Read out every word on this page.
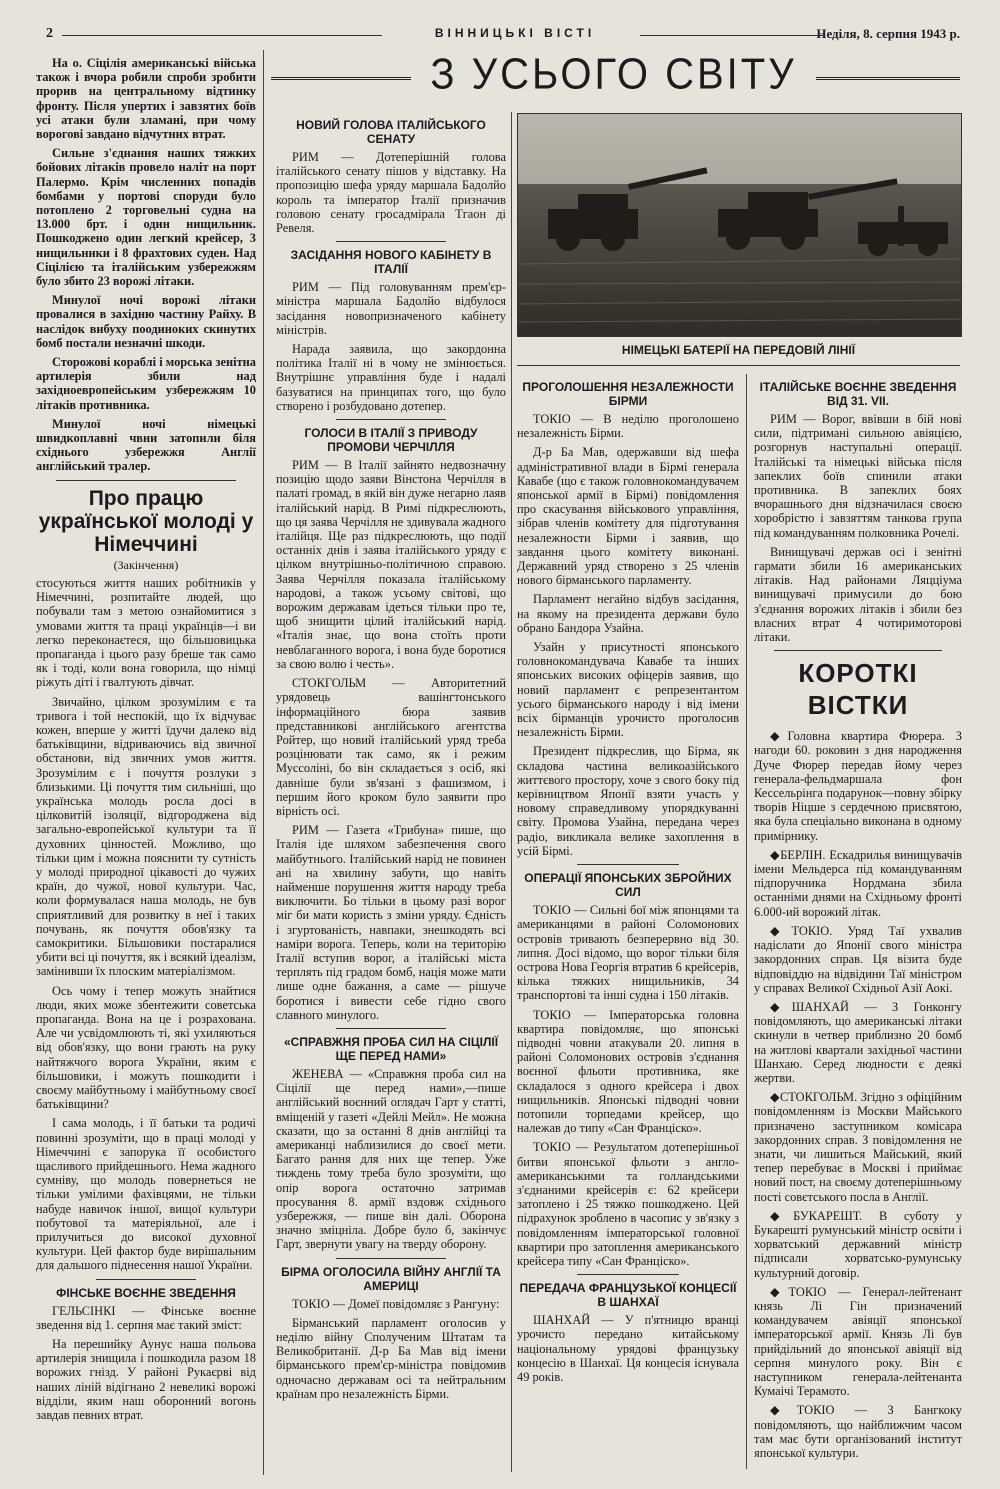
2	ВІННИЦЬКІ ВІСТІ	Неділя, 8. серпня 1943 р.

На о. Сіцілія американські війська також і вчора робили спроби зробити прорив на центральному відтинку фронту. Після упертих і завзятих боїв усі атаки були зламані, при чому ворогові завдано відчутних втрат.

Сильне з'єднання наших тяжких бойових літаків провело наліт на порт Палермо. Крім численних попадів бомбами у портові споруди було потоплено 2 торговельні судна на 13.000 брт. і один нищильник. Пошкоджено один легкий крейсер, 3 нищильники і 8 фрахтових суден. Над Сіцілією та італійським узбережжям було збито 23 ворожі літаки.

Минулої ночі ворожі літаки провалися в західню частину Райху. В наслідок вибуху поодиноких скинутих бомб постали незначні шкоди.

Сторожові кораблі і морська зенітна артилерія збили над західноевропейським узбережжям 10 літаків противника.

Минулої ночі німецькі швидкоплавні чвни затопили біля східнього узбережжя Англії англійський тралер.

Про працю української молоді у Німеччині
(Закінчення)

стосуються життя наших робітників у Німеччині, розпитайте людей, що побували там з метою ознайомитися з умовами життя та праці українців—і ви легко переконаєтеся, що більшовицька пропаганда і цього разу бреше так само як і тоді, коли вона говорила, що німці ріжуть діті і гвалтують дівчат.

Звичайно, цілком зрозумілим є та тривога і той неспокій, що їх відчуває кожен, вперше у житті їдучи далеко від батьківщини, відриваючись від звичної обстанови, від звичних умов життя. Зрозумілим є і почуття розлуки з близькими. Ці почуття тим сильніші, що українська молодь росла досі в цілковитій ізоляції, відгороджена від загально-европейської культури та її духовних цінностей. Можливо, що тільки цим і можна пояснити ту сутність у молоді природної цікавості до чужих країн, до чужої, нової культури. Час, коли формувалася наша молодь, не був сприятливий для розвитку в неї і таких почувань, як почуття обов'язку та самокритики. Більшовики постаралися убити всі ці почуття, як і всякий ідеалізм, замінивши їх плоским матеріалізмом.

Ось чому і тепер можуть знайтися люди, яких може збентежити советська пропаганда. Вона на це і розрахована. Але чи усвідомлюють ті, які ухиляються від обов'язку, що вони грають на руку найтяжчого ворога України, яким є більшовики, і можуть пошкодити і своєму майбутньому і майбутньому своєї батьківщини?

І сама молодь, і її батьки та родичі повинні зрозуміти, що в праці молоді у Німеччині є запорука її особистого щасливого прийдешнього. Нема жадного сумніву, що молодь повернеться не тільки умілими фахівцями, не тільки набуде навичок іншої, вищої культури побутової та матеріяльної, але і прилучиться до високої духовної культури. Цей фактор буде вирішальним для дальшого піднесення нашої України.

ФІНСЬКЕ ВОЄННЕ ЗВЕДЕННЯ

ГЕЛЬСІНКІ — Фінське воєнне зведення від 1. серпня має такий зміст:

На перешийку Аунус наша польова артилерія знищила і пошкодила разом 18 ворожих гнізд. У районі Рукаєрві від наших ліній відігнано 2 невеликі ворожі відділи, яким наш оборонний вогонь завдав певних втрат.

З УСЬОГО СВІТУ
НОВИЙ ГОЛОВА ІТАЛІЙСЬКОГО СЕНАТУ

РИМ — Дотеперішній голова італійського сенату пішов у відставку. На пропозицію шефа уряду маршала Бадолйо король та імператор Італії призначив головою сенату гросадмірала Тгаон ді Ревеля.

ЗАСІДАННЯ НОВОГО КАБІНЕТУ В ІТАЛІЇ

РИМ — Під головуванням прем'єр-міністра маршала Бадолйо відбулося засідання новопризначеного кабінету міністрів.

Нарада заявила, що закордонна політика Італії ні в чому не змінюється. Внутрішнє управління буде і надалі базуватися на принципах того, що було створено і розбудовано дотепер.

ГОЛОСИ В ІТАЛІЇ З ПРИВОДУ ПРОМОВИ ЧЕРЧІЛЛЯ

РИМ — В Італії зайнято недвозначну позицію щодо заяви Вінстона Черчілля в палаті громад, в якій він дуже негарно лаяв італійський нарід. В Римі підкреслюють, що ця заява Черчілля не здивувала жадного італійця. Ще раз підкреслюють, що події останніх днів і заява італійського уряду є цілком внутрішньо-політичною справою. Заява Черчілля показала італійському народові, а також усьому світові, що ворожим державам ідеться тільки про те, щоб знищити цілий італійський нарід. «Італія знає, що вона стоїть проти невблаганного ворога, і вона буде боротися за свою волю і честь».

СТОКГОЛЬМ — Авторитетний урядовець вашінгтонського інформаційного бюра заявив представникові англійського агентства Ройтер, що новий італійський уряд треба розцінювати так само, як і режим Муссоліні, бо він складається з осіб, які давніше були зв'язані з фашизмом, і першим його кроком було заявити про вірність осі.

РИМ — Газета «Трибуна» пише, що Італія іде шляхом забезпечення свого майбутнього. Італійський нарід не повинен ані на хвилину забути, що навіть найменше порушення життя народу треба виключити. Бо тільки в цьому разі ворог міг би мати користь з зміни уряду. Єдність і згуртованість, навпаки, знешкодять всі наміри ворога. Теперь, коли на територію Італії вступив ворог, а італійські міста терплять під градом бомб, нація може мати лише одне бажання, а саме — рішуче боротися і вивести себе гідно свого славного минулого.

«СПРАВЖНЯ ПРОБА СИЛ НА СІЦІЛІЇ ЩЕ ПЕРЕД НАМИ»

ЖЕНЕВА — «Справжня проба сил на Сіцілії ще перед нами»,—пише англійський воєнний оглядач Гарт у статті, вміщеній у газеті «Дейлі Мейл». Не можна сказати, що за останні 8 днів англійці та американці наблизилися до своєї мети. Багато рання для них ще тепер. Уже тиждень тому треба було зрозуміти, що опір ворога остаточно затримав просування 8. армії вздовж східнього узбережжя, — пише він далі. Оборона значно зміцніла. Добре було б, закінчує Гарт, звернути увагу на тверду оборону.

БІРМА ОГОЛОСИЛА ВІЙНУ АНГЛІЇ ТА АМЕРИЦІ

ТОКІО — Домеї повідомляє з Рангуну:

Бірманський парламент оголосив у неділю війну Сполученим Штатам та Великобританії. Д-р Ба Мав від імени бірманського прем'єр-міністра повідомив одночасно державам осі та нейтральним країнам про незалежність Бірми.

НІМЕЦЬКІ БАТЕРІЇ НА ПЕРЕДОВІЙ ЛІНІЇ
ПРОГОЛОШЕННЯ НЕЗАЛЕЖНОСТИ БІРМИ

ТОКІО — В неділю проголошено незалежність Бірми.

Д-р Ба Мав, одержавши від шефа адміністративної влади в Бірмі генерала Кавабе (що є також головнокомандувачем японської армії в Бірмі) повідомлення про скасування військового управління, зібрав членів комітету для підготування незалежности Бірми і заявив, що завдання цього комітету виконані. Державний уряд створено з 25 членів нового бірманського парламенту.

Парламент негайно відбув засідання, на якому на президента держави було обрано Бандора Узайна.

Узайн у присутності японського головнокомандувача Кавабе та інших японських високих офіцерів заявив, що новий парламент є репрезентантом усього бірманського народу і від імени всіх бірманців урочисто проголосив незалежність Бірми.

Президент підкреслив, що Бірма, як складова частина великоазійського життєвого простору, хоче з свого боку під керівництвом Японії взяти участь у новому справедливому упорядкуванні світу. Промова Узайна, передана через радіо, викликала велике захоплення в усій Бірмі.

ОПЕРАЦІЇ ЯПОНСЬКИХ ЗБРОЙНИХ СИЛ

ТОКІО — Сильні бої між японцями та американцями в районі Соломонових островів тривають безперервно від 30. липня. Досі відомо, що ворог тільки біля острова Нова Георгія втратив 6 крейсерів, кілька тяжких нищильників, 34 транспортові та інші судна і 150 літаків.

ТОКІО — Імператорська головна квартира повідомляє, що японські підводні човни атакували 20. липня в районі Соломонових островів з'єднання воєнної фльоти противника, яке складалося з одного крейсера і двох нищильників. Японські підводні човни потопили торпедами крейсер, що належав до типу «Сан Франціско».

ТОКІО — Результатом дотеперішньої битви японської фльоти з англо-американськими та голландськими з'єднаними крейсерів є: 62 крейсери затоплено і 25 тяжко пошкоджено. Цей підрахунок зроблено в часопис у зв'язку з повідомленням імператорської головної квартири про затоплення американського крейсера типу «Сан Франціско».

ПЕРЕДАЧА ФРАНЦУЗЬКОЇ КОНЦЕСІЇ В ШАНХАЇ

ШАНХАЙ — У п'ятницю вранці урочисто передано китайському національному урядові французьку концесію в Шанхаї. Ця концесія існувала 49 років.

ІТАЛІЙСЬКЕ ВОЄННЕ ЗВЕДЕННЯ ВІД 31. VII.

РИМ — Ворог, ввівши в бій нові сили, підтримані сильною авіяцією, розгорнув наступальні операції. Італійські та німецькі війська після запеклих боїв спинили атаки противника. В запеклих боях вчорашнього дня відзначилася своєю хоробрістю і завзяттям танкова група під командуванням полковника Рочелі.

Винищувачі держав осі і зенітні гармати збили 16 американських літаків. Над районами Ляцціума винищувачі примусили до бою з'єднання ворожих літаків і збили без власних втрат 4 чотиримоторові літаки.

КОРОТКІ ВІСТКИ

◆Головна квартира Фюрера. З нагоди 60. роковин з дня народження Дуче Фюрер передав йому через генерала-фельдмаршала фон Кессельрінга подарунок—повну збірку творів Ніцше з сердечною присвятою, яка була спеціально виконана в одному примірнику.

◆БЕРЛІН. Ескадрилья винищувачів імени Мельдерса під командуванням підпоручника Нордмана збила останніми днями на Східньому фронті 6.000-ий ворожий літак.

◆ТОКІО. Уряд Таї ухвалив надіслати до Японії свого міністра закордонних справ. Ця візита буде відповіддю на відвідини Таї міністром у справах Великої Східньої Азії Аокі.

◆ШАНХАЙ — З Гонконгу повідомляють, що американські літаки скинули в четвер приблизно 20 бомб на житлові квартали західньої частини Шанхаю. Серед людности є деякі жертви.

◆СТОКГОЛЬМ. Згідно з офіційним повідомленням із Москви Майського призначено заступником комісара закордонних справ. З повідомлення не знати, чи лишиться Майський, який тепер перебуває в Москві і приймає новий пост, на своєму дотеперішньому пості совєтського посла в Англії.

◆БУКАРЕШТ. В суботу у Букарешті румунський міністр освіти і хорватський державний міністр підписали хорватсько-румунську культурний договір.

◆ТОКІО — Генерал-лейтенант князь Лі Гін призначений командувачем авіяції японської імператорської армії. Князь Лі був прийдільний до японської авіяції від серпня минулого року. Він є наступником генерала-лейтенанта Кумаічі Терамото.

◆ТОКІО — З Бангкоку повідомляють, що найближчим часом там має бути організований інститут японської культури.
